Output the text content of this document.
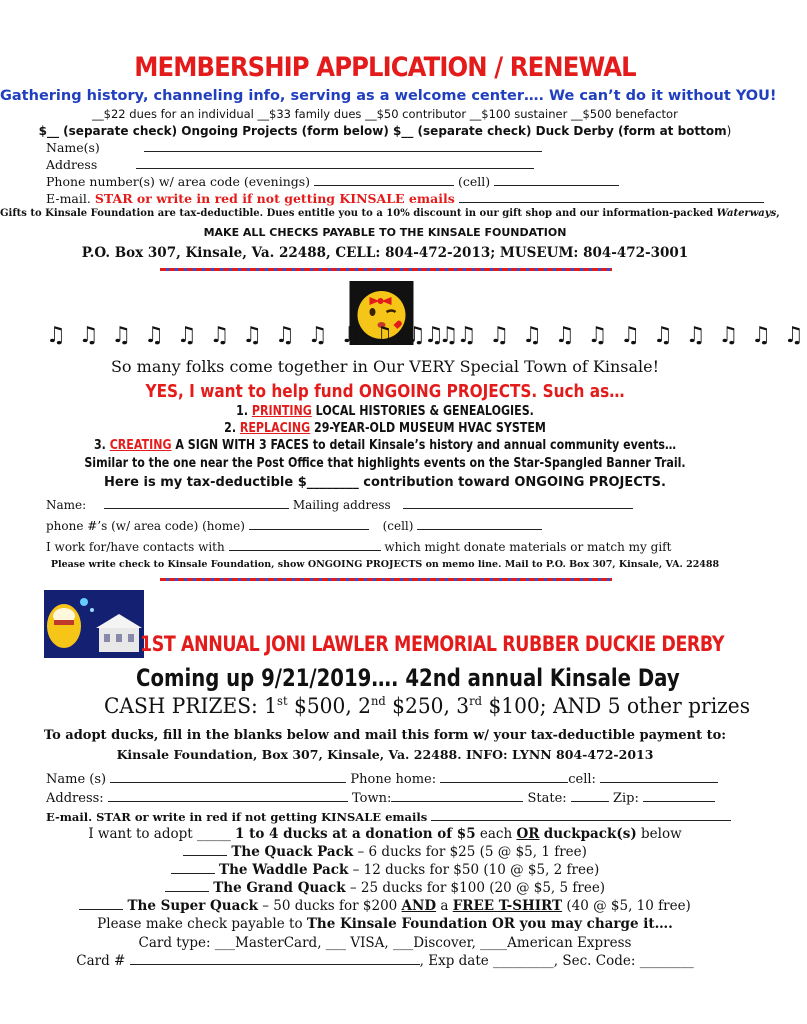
MEMBERSHIP APPLICATION / RENEWAL
Gathering history, channeling info, serving as a welcome center…. We can’t do it without YOU!
__$22 dues for an individual __$33 family dues __$50 contributor __$100 sustainer __$500 benefactor
$__ (separate check) Ongoing Projects (form below) $__ (separate check) Duck Derby (form at bottom)
Name(s)
Address
Phone number(s) w/ area code (evenings)	(cell)
E-mail. STAR or write in red if not getting KINSALE emails
Gifts to Kinsale Foundation are tax-deductible. Dues entitle you to a 10% discount in our gift shop and our information-packed Waterways,
MAKE ALL CHECKS PAYABLE TO THE KINSALE FOUNDATION
P.O. Box 307, Kinsale, Va. 22488, CELL: 804-472-2013; MUSEUM: 804-472-3001
♫ ♫ ♫ ♫ ♫ ♫ ♫ ♫ ♫ ♫ ♫ ♫ ♫
♫ ♫ ♫ ♫ ♫ ♫ ♫ ♫ ♫ ♫ ♫ ♫
So many folks come together in Our VERY Special Town of Kinsale!
YES, I want to help fund ONGOING PROJECTS. Such as…
1. PRINTING LOCAL HISTORIES & GENEALOGIES.
2. REPLACING 29-YEAR-OLD MUSEUM HVAC SYSTEM
3. CREATING A SIGN WITH 3 FACES to detail Kinsale’s history and annual community events…
Similar to the one near the Post Office that highlights events on the Star-Spangled Banner Trail.
Here is my tax-deductible $________ contribution toward ONGOING PROJECTS.
Name:	Mailing address
phone #’s (w/ area code) (home)	(cell)
I work for/have contacts with	which might donate materials or match my gift
Please write check to Kinsale Foundation, show ONGOING PROJECTS on memo line. Mail to P.O. Box 307, Kinsale, VA. 22488
1ST ANNUAL JONI LAWLER MEMORIAL RUBBER DUCKIE DERBY
Coming up 9/21/2019…. 42nd annual Kinsale Day
CASH PRIZES: 1st $500, 2nd $250, 3rd $100; AND 5 other prizes
To adopt ducks, fill in the blanks below and mail this form w/ your tax-deductible payment to:
Kinsale Foundation, Box 307, Kinsale, Va. 22488. INFO: LYNN 804-472-2013
Name (s)	Phone home:	cell:
Address:	Town:	State:	Zip:
E-mail. STAR or write in red if not getting KINSALE emails
I want to adopt _____ 1 to 4 ducks at a donation of $5 each OR duckpack(s) below
The Quack Pack – 6 ducks for $25 (5 @ $5, 1 free)
The Waddle Pack – 12 ducks for $50 (10 @ $5, 2 free)
The Grand Quack – 25 ducks for $100 (20 @ $5, 5 free)
The Super Quack – 50 ducks for $200 AND a FREE T-SHIRT (40 @ $5, 10 free)
Please make check payable to The Kinsale Foundation OR you may charge it….
Card type: ___MasterCard, ___ VISA, ___Discover, ____American Express
Card #	, Exp date _________, Sec. Code: ________
